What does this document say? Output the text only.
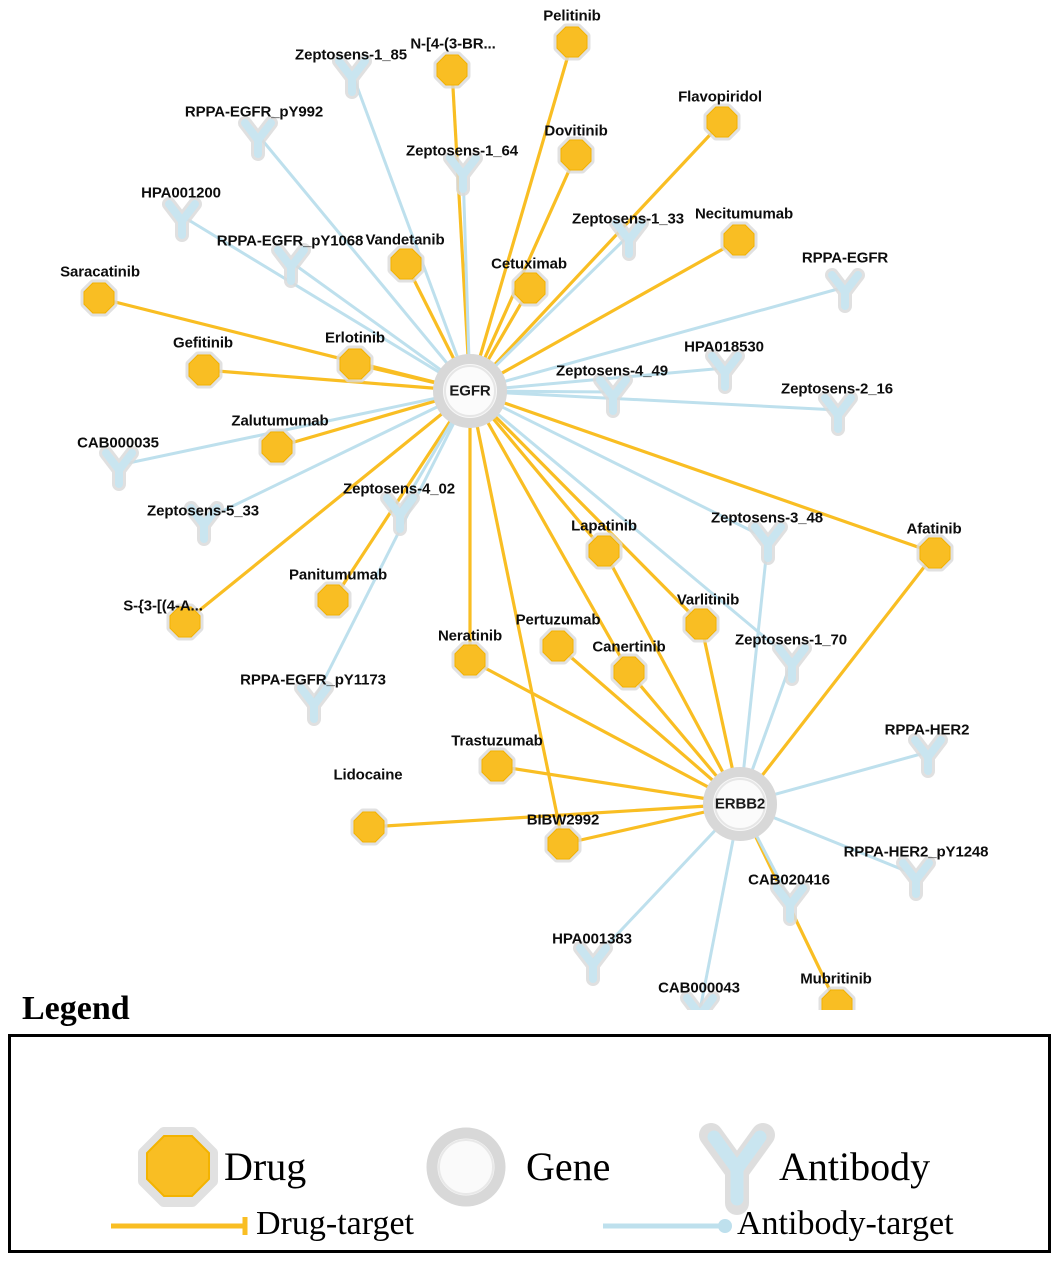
Pelitinib
N-[4-(3-BR...
Flavopiridol
Dovitinib
Necitumumab
Vandetanib
Cetuximab
Saracatinib
Erlotinib
Gefitinib
Zalutumumab
Afatinib
Lapatinib
Varlitinib
Panitumumab
S-{3-[(4-A...
Pertuzumab
Canertinib
Neratinib
Trastuzumab
Lidocaine
BIBW2992
Mubritinib
Zeptosens-1_85
RPPA-EGFR_pY992
Zeptosens-1_64
HPA001200
Zeptosens-1_33
RPPA-EGFR_pY1068
RPPA-EGFR
HPA018530
Zeptosens-4_49
Zeptosens-2_16
CAB000035
Zeptosens-4_02
Zeptosens-5_33	Zeptosens-3_48
Zeptosens-1_70
RPPA-EGFR_pY1173
RPPA-HER2
RPPA-HER2_pY1248
CAB020416
HPA001383
CAB000043
EGFR
ERBB2
Legend
Drug	Gene	Antibody
Drug-target	Antibody-target
